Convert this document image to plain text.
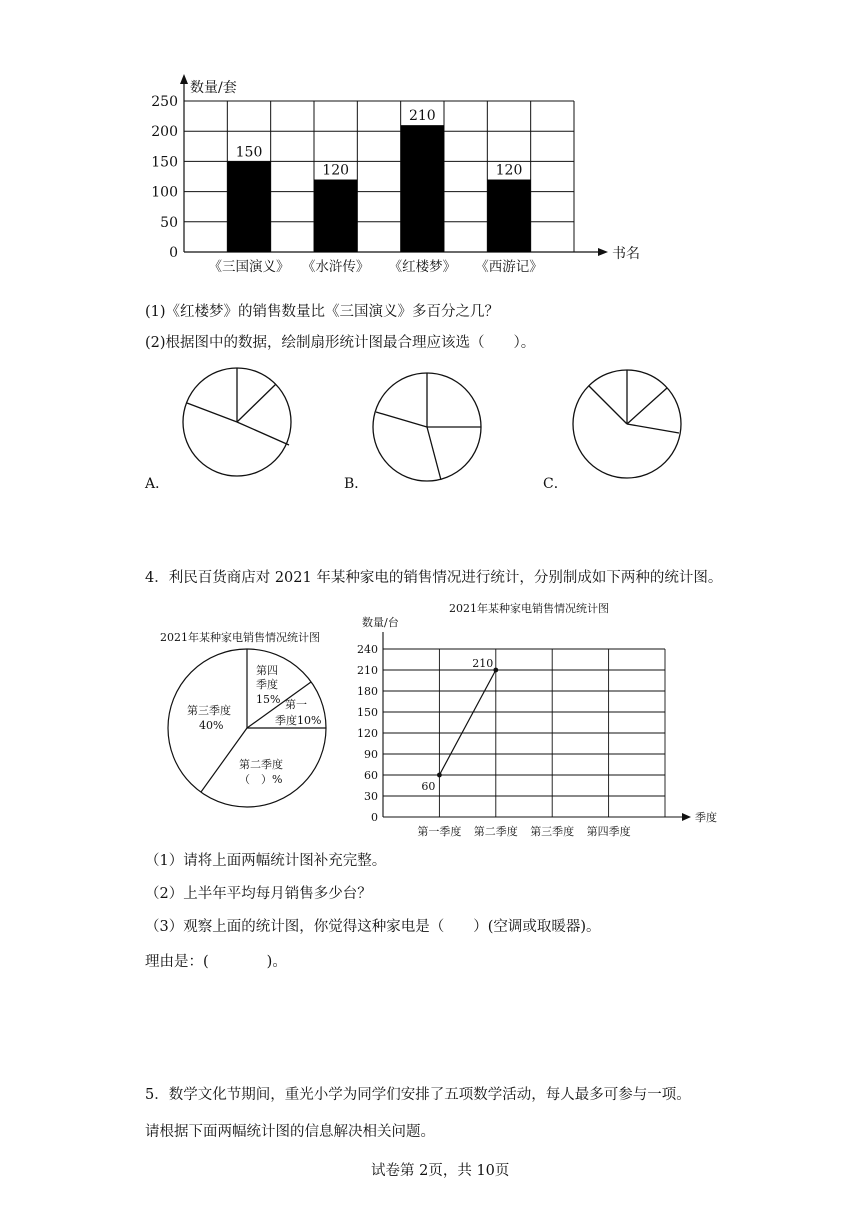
数量/套
书名
0
50
100
150
200
250
150
《三国演义》
120
《水浒传》
210
《红楼梦》
120
《西游记》
(1)《红楼梦》的销售数量比《三国演义》多百分之几？
(2)根据图中的数据，绘制扇形统计图最合理应该选（　　）。
A．	B．	C．
4．利民百货商店对 2021 年某种家电的销售情况进行统计，分别制成如下两种的统计图。
2021年某种家电销售情况统计图
第四
季度
15% 第一
季度10%
第二季度
（　）%
第三季度
40%
2021年某种家电销售情况统计图
数量/台
季度
0
30
60
90
120
150
180
210
240
第一季度 第二季度 第三季度 第四季度
60
210
（1）请将上面两幅统计图补充完整。
（2）上半年平均每月销售多少台？
（3）观察上面的统计图，你觉得这种家电是（　　）(空调或取暖器)。
理由是：(　　　　)。
5．数学文化节期间，重光小学为同学们安排了五项数学活动，每人最多可参与一项。
请根据下面两幅统计图的信息解决相关问题。
试卷第 2页，共 10页
